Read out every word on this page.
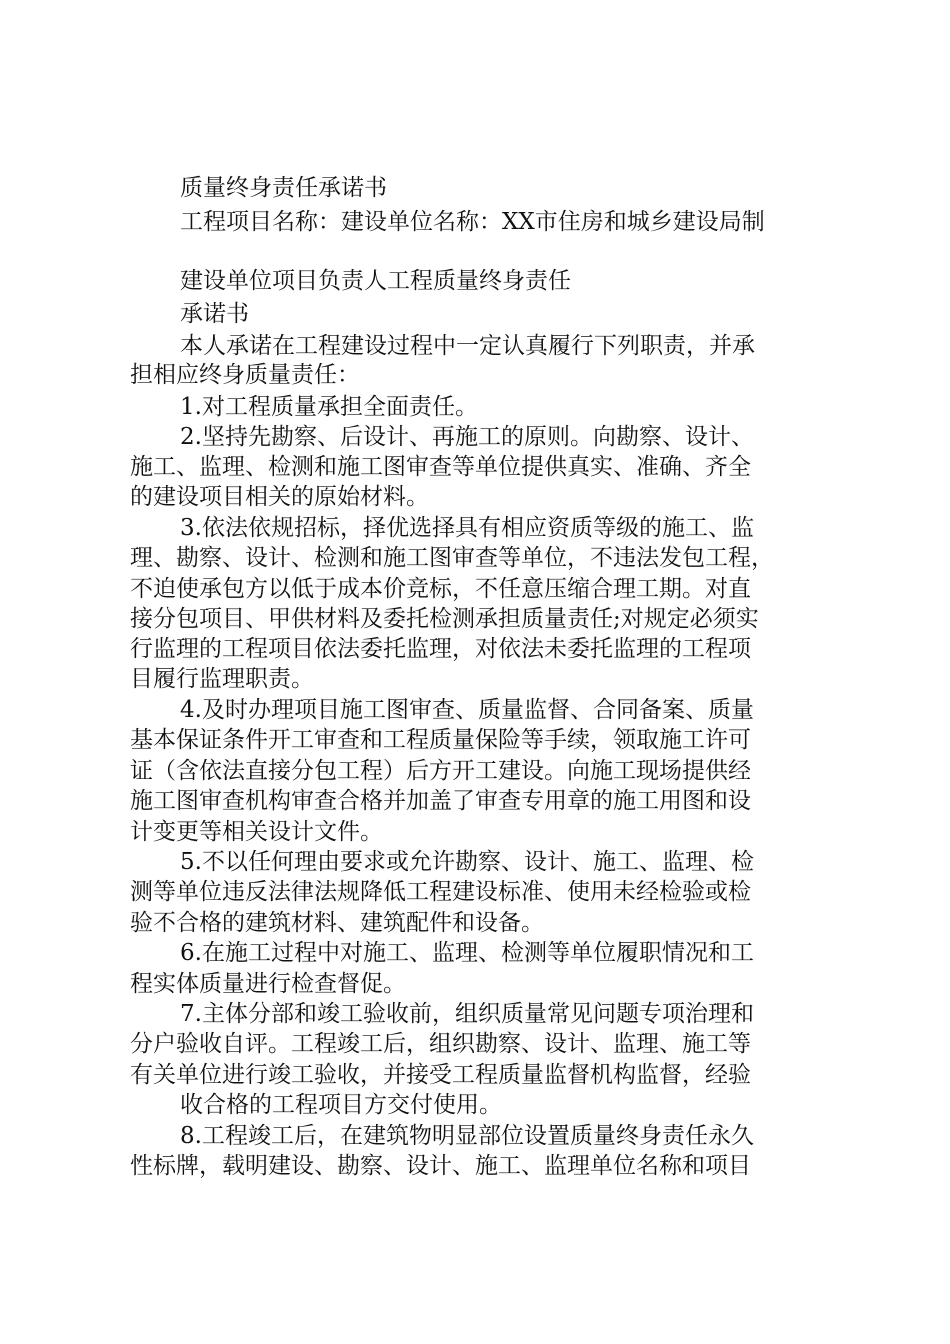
质量终身责任承诺书
工程项目名称：建设单位名称：XX市住房和城乡建设局制
建设单位项目负责人工程质量终身责任
承诺书
本人承诺在工程建设过程中一定认真履行下列职责，并承
担相应终身质量责任：
1.对工程质量承担全面责任。
2.坚持先勘察、后设计、再施工的原则。向勘察、设计、
施工、监理、检测和施工图审查等单位提供真实、准确、齐全
的建设项目相关的原始材料。
3.依法依规招标，择优选择具有相应资质等级的施工、监
理、勘察、设计、检测和施工图审查等单位，不违法发包工程，
不迫使承包方以低于成本价竞标，不任意压缩合理工期。对直
接分包项目、甲供材料及委托检测承担质量责任;对规定必须实
行监理的工程项目依法委托监理，对依法未委托监理的工程项
目履行监理职责。
4.及时办理项目施工图审查、质量监督、合同备案、质量
基本保证条件开工审查和工程质量保险等手续，领取施工许可
证（含依法直接分包工程）后方开工建设。向施工现场提供经
施工图审查机构审查合格并加盖了审查专用章的施工用图和设
计变更等相关设计文件。
5.不以任何理由要求或允许勘察、设计、施工、监理、检
测等单位违反法律法规降低工程建设标准、使用未经检验或检
验不合格的建筑材料、建筑配件和设备。
6.在施工过程中对施工、监理、检测等单位履职情况和工
程实体质量进行检查督促。
7.主体分部和竣工验收前，组织质量常见问题专项治理和
分户验收自评。工程竣工后，组织勘察、设计、监理、施工等
有关单位进行竣工验收，并接受工程质量监督机构监督，经验
收合格的工程项目方交付使用。
8.工程竣工后，在建筑物明显部位设置质量终身责任永久
性标牌，载明建设、勘察、设计、施工、监理单位名称和项目
